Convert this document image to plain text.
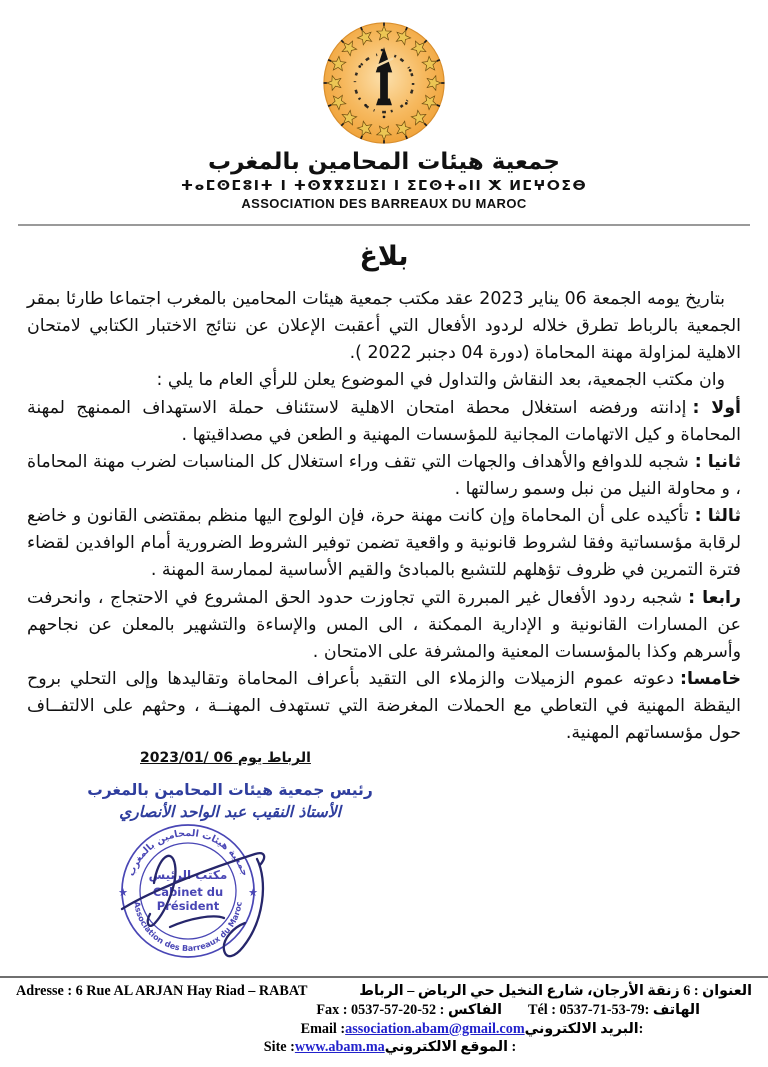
جمعية هيئات المحامين بالمغرب
ⵜⴰⵎⵙⵎⵓⵏⵜ ⵏ ⵜⵙⴳⴳⵉⵡⵉⵏ ⵏ ⵉⵎⵙⵜⴰⵏⵏ ⵅ ⵍⵎⵖⵔⵉⴱ
ASSOCIATION DES BARREAUX DU MAROC
بلاغ

بتاريخ يومه الجمعة 06 يناير 2023 عقد مكتب جمعية هيئات المحامين بالمغرب اجتماعا طارئا بمقر الجمعية بالرباط تطرق خلاله لردود الأفعال التي أعقبت الإعلان عن نتائج الاختبار الكتابي لامتحان الاهلية لمزاولة مهنة المحاماة (دورة 04 دجنبر 2022 ).

وان مكتب الجمعية، بعد النقاش والتداول في الموضوع يعلن للرأي العام ما يلي :

أولا :إدانته ورفضه استغلال محطة امتحان الاهلية لاستئناف حملة الاستهداف الممنهج لمهنة المحاماة و كيل الاتهامات المجانية للمؤسسات المهنية و الطعن في مصداقيتها .

ثانيا :شجبه للدوافع والأهداف والجهات التي تقف وراء استغلال كل المناسبات لضرب مهنة المحاماة ، و محاولة النيل من نبل وسمو رسالتها .

ثالثا :تأكيده على أن المحاماة وإن كانت مهنة حرة، فإن الولوج اليها منظم بمقتضى القانون و خاضع لرقابة مؤسساتية وفقا لشروط قانونية و واقعية تضمن توفير الشروط الضرورية أمام الوافدين لقضاء فترة التمرين في ظروف تؤهلهم للتشبع بالمبادئ والقيم الأساسية لممارسة المهنة .

رابعا :شجبه ردود الأفعال غير المبررة التي تجاوزت حدود الحق المشروع في الاحتجاج ، وانحرفت عن المسارات القانونية و الإدارية الممكنة ، الى المس والإساءة والتشهير بالمعلن عن نجاحهم وأسرهم وكذا بالمؤسسات المعنية والمشرفة على الامتحان .

خامسا:دعوته عموم الزميلات والزملاء الى التقيد بأعراف المحاماة وتقاليدها وإلى التحلي بروح اليقظة المهنية في التعاطي مع الحملات المغرضة التي تستهدف المهنــة ، وحثهم على الالتفــاف حول مؤسساتهم المهنية.

الرباط يوم 2023/01/ 06
رئيس جمعية هيئات المحامين بالمغرب
الأستاذ النقيب عبد الواحد الأنصاري
جمعية هيئات المحامين بالمغرب
Association des Barreaux du Maroc
★	★
مكتب الرئيس
Cabinet du
Président
Adresse : 6 Rue AL ARJAN Hay Riad – RABAT	العنوان : 6 زنقة الأرجان، شارع النخيل حي الرياض – الرباط
Fax : 0537-57-20-52 : الفاكس Tél : 0537-71-53-79: الهاتف
Email :association.abam@gmail.com:البريد الالكتروني
Site :www.abam.ma: الموقع الالكتروني
